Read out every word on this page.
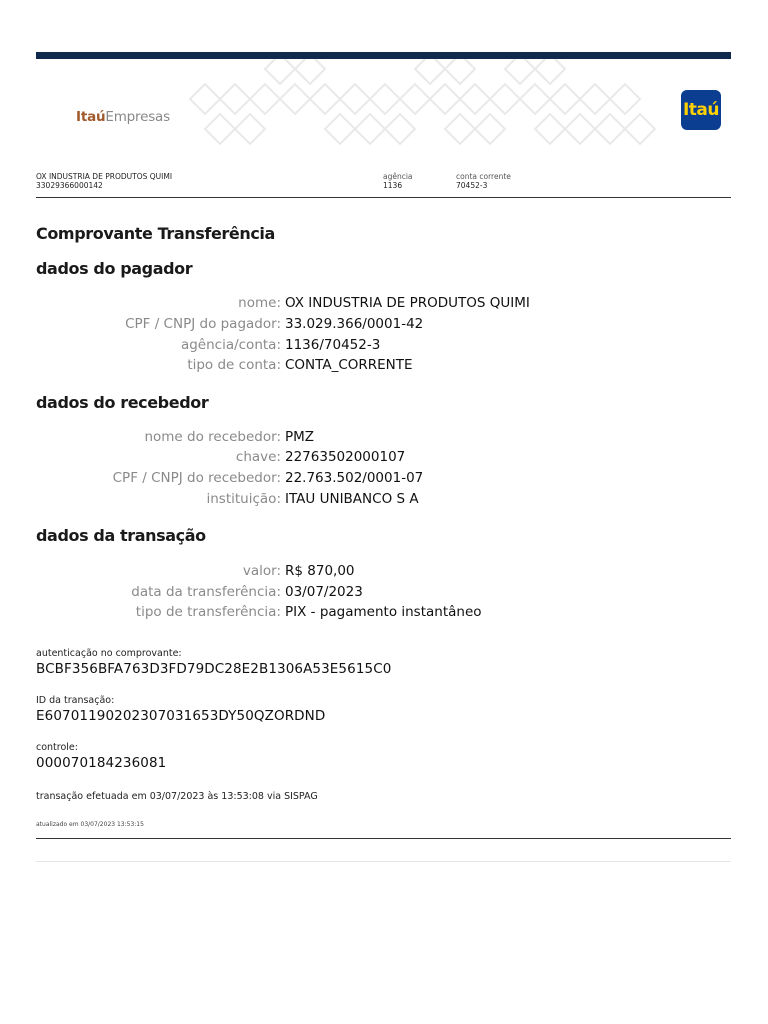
ItaúEmpresas	Itaú
OX INDUSTRIA DE PRODUTOS QUIMI
33029366000142
agência
1136
conta corrente
70452-3
Comprovante Transferência
dados do pagador
nome: OX INDUSTRIA DE PRODUTOS QUIMI
CPF / CNPJ do pagador: 33.029.366/0001-42
agência/conta: 1136/70452-3
tipo de conta: CONTA_CORRENTE
dados do recebedor
nome do recebedor: PMZ
chave: 22763502000107
CPF / CNPJ do recebedor: 22.763.502/0001-07
instituição: ITAU UNIBANCO S A
dados da transação
valor: R$ 870,00
data da transferência: 03/07/2023
tipo de transferência: PIX - pagamento instantâneo
autenticação no comprovante:
BCBF356BFA763D3FD79DC28E2B1306A53E5615C0
ID da transação:
E60701190202307031653DY50QZORDND
controle:
000070184236081
transação efetuada em 03/07/2023 às 13:53:08 via SISPAG
atualizado em 03/07/2023 13:53:15
